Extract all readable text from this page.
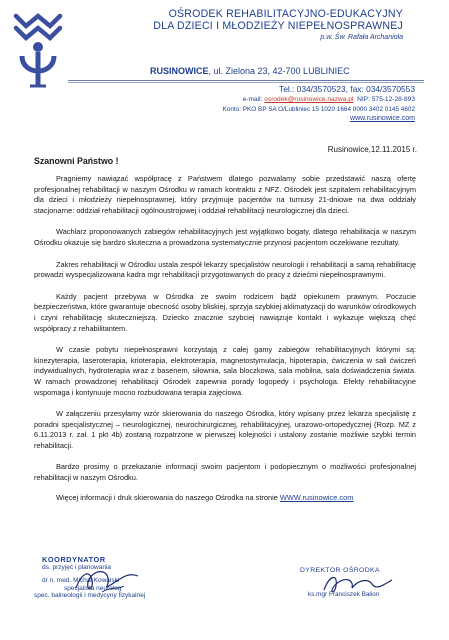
OŚRODEK REHABILITACYJNO-EDUKACYJNY
DLA DZIECI I MŁODZIEŻY NIEPEŁNOSPRAWNEJ
p.w. Św. Rafała Archanioła
RUSINOWICE, ul. Zielona 23, 42-700 LUBLINIEC
Tel.: 034/3570523, fax: 034/3570553
e-mail: osrodek@rusinowice.nazwa.pl NIP: 575-12-28-893
Konto: PKO BP SA O/Lubliniec 15 1020 1664 0000 3402 0145 4602
www.rusinowice.com
Rusinowice,12.11.2015 r.
Szanowni Państwo !

Pragniemy nawiązać współpracę z Państwem dlatego pozwalamy sobie przedstawić naszą ofertę profesjonalnej rehabilitacji w naszym Ośrodku w ramach kontraktu z NFZ. Ośrodek jest szpitalem rehabilitacyjnym dla dzieci i młodzieży niepełnosprawnej, który przyjmuje pacjentów na turnusy 21-dniowe na dwa oddziały stacjonarne: oddział rehabilitacji ogólnoustrojowej i oddział rehabilitacji neurologicznej dla dzieci.

Wachlarz proponowanych zabiegów rehabilitacyjnych jest wyjątkowo bogaty, dlatego rehabilitacja w naszym Ośrodku okazuje się bardzo skuteczna a prowadzona systematycznie przynosi pacjentom oczekiwane rezultaty.

Zakres rehabilitacji w Ośrodku ustala zespół lekarzy specjalistów neurologii i rehabilitacji a samą rehabilitację prowadzi wyspecjalizowana kadra mgr rehabilitacji przygotowanych do pracy z dziećmi niepełnosprawnymi.

Każdy pacjent przebywa w Ośrodka ze swoim rodzicem bądź opiekunem prawnym. Poczucie bezpieczeństwa, które gwarantuje obecność osoby bliskiej, sprzyja szybkiej aklimatyzacji do warunków ośrodkowych i czyni rehabilitację skuteczniejszą. Dziecko znacznie szybciej nawiązuje kontakt i wykazuje większą chęć współpracy z rehabilitantem.

W czasie pobytu niepełnosprawni korzystają z całej gamy zabiegów rehabilitacyjnych którymi są: kinezyterapia, laseroterapia, krioterapia, elektroterapia, magnetostymulacja, hipoterapia, ćwiczenia w sali ćwiczeń indywidualnych, hydroterapia wraz z basenem, siłownia, sala bloczkowa, sala mobilna, sala doświadczenia świata. W ramach prowadzonej rehabilitacji Ośrodek zapewnia porady logopedy i psychologa. Efekty rehabilitacyjne wspomaga i kontynuuje mocno rozbudowana terapia zajęciowa.

W załączeniu przesyłamy wzór skierowania do naszego Ośrodka, który wpisany przez lekarza specjalistę z poradni specjalistycznej – neurologicznej, neurochirurgicznej, rehabilitacyjnej, urazowo-ortopedycznej (Rozp. MZ z 6.11.2013 r. zał. 1 pkt 4b) zostaną rozpatrzone w pierwszej kolejności i ustalony zostanie możliwie szybki termin rehabilitacji.

Bardzo prosimy o przekazanie informacji swoim pacjentom i podopiecznym o możliwości profesjonalnej rehabilitacji w naszym Ośrodku.

Więcej informacji i druk skierowania do naszego Ośrodka na stronie WWW.rusinowice.com

KOORDYNATOR
ds. przyjęć i planowania
dr n. med. Michał Kowalski
specjalista neurolog
spec. balneologii i medycyny fizykalnej
DYREKTOR OŚRODKA
ks.mgr Franciszek Balion
